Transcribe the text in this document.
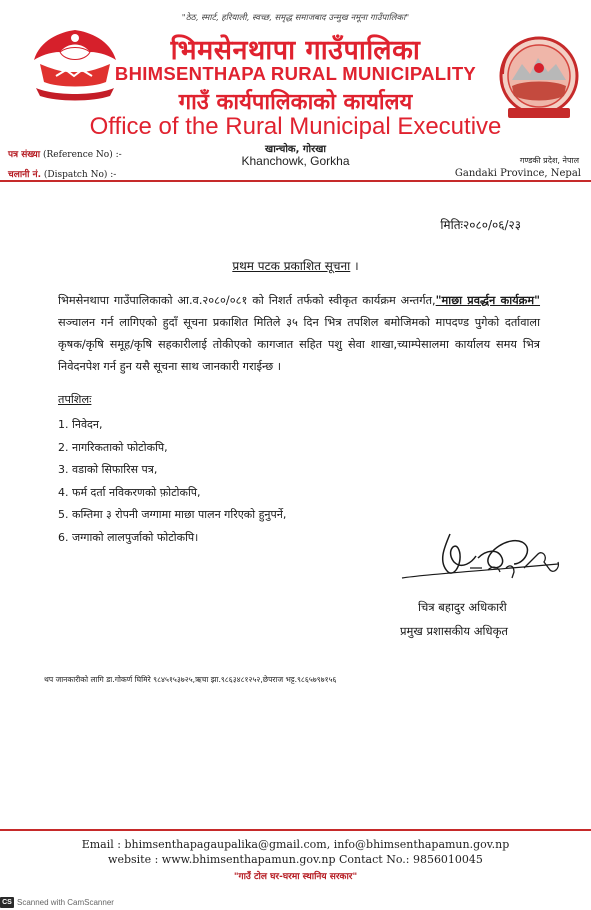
"ठेठ, स्मार्ट, हरियाली, स्वच्छ, समृद्ध समाजबाद उन्मुख नमूना गाउँपालिका"
भिमसेनथापा गाउँपालिका
BHIMSENTHAPA RURAL MUNICIPALITY
गाउँ कार्यपालिकाको कार्यालय
Office of the Rural Municipal Executive
खान्चोक, गोरखा
Khanchowk, Gorkha
पत्र संख्या (Reference No) :-
चलानी नं. (Dispatch No) :-
गण्डकी प्रदेश, नेपाल
Gandaki Province, Nepal
मितिः२०८०/०६/२३
प्रथम पटक प्रकाशित सूचना ।
भिमसेनथापा गाउँपालिकाको आ.व.२०८०/०८१ को निशर्त तर्फको स्वीकृत कार्यक्रम अन्तर्गत,"माछा प्रवर्द्धन कार्यक्रम" सञ्चालन गर्न लागिएको हुदाँ सूचना प्रकाशित मितिले ३५ दिन भित्र तपशिल बमोजिमको मापदण्ड पुगेको दर्तावाला कृषक/कृषि समूह/कृषि सहकारीलाई तोकीएको कागजात सहित पशु सेवा शाखा,च्याम्पेसालमा कार्यालय समय भित्र निवेदनपेश गर्न हुन यसै सूचना साथ जानकारी गराईन्छ ।
तपशिलः
1. निवेदन,
2. नागरिकताको फोटोकपि,
3. वडाको सिफारिस पत्र,
4. फर्म दर्ता नविकरणको फ़ोटोकपि,
5. कम्तिमा ३ रोपनी जग्गामा माछा पालन गरिएको हुनुपर्ने,
6. जग्गाको लालपुर्जाको फोटोकपि।
चित्र बहादुर अधिकारी
प्रमुख प्रशासकीय अधिकृत
थप जानकारीको लागि डा.गोकर्ण घिमिरे ९८४५१५३७२५,ऋचा झा.९८६३४८१२५२,छेपराज भट्ट.९८६५७९७१५६
Email : bhimsenthapagaupalika@gmail.com, info@bhimsenthapamun.gov.np
website : www.bhimsenthapamun.gov.np Contact No.: 9856010045
"गाउँ टोल घर-घरमा स्थानिय सरकार"
CS Scanned with CamScanner
